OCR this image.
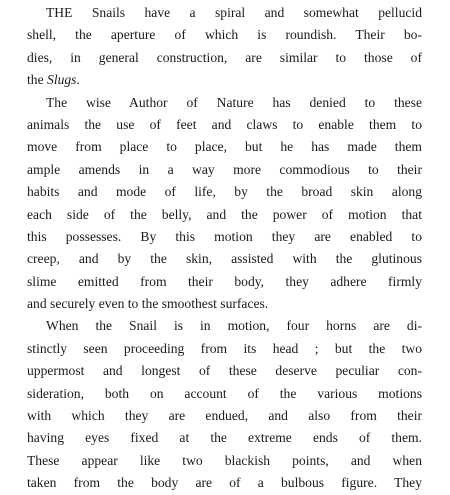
THE Snails have a spiral and somewhat pellucid
shell, the aperture of which is roundish. Their bo-
dies, in general construction, are similar to those of
the Slugs.
The wise Author of Nature has denied to these
animals the use of feet and claws to enable them to
move from place to place, but he has made them
ample amends in a way more commodious to their
habits and mode of life, by the broad skin along
each side of the belly, and the power of motion that
this possesses. By this motion they are enabled to
creep, and by the skin, assisted with the glutinous
slime emitted from their body, they adhere firmly
and securely even to the smoothest surfaces.
When the Snail is in motion, four horns are di-
stinctly seen proceeding from its head ; but the two
uppermost and longest of these deserve peculiar con-
sideration, both on account of the various motions
with which they are endued, and also from their
having eyes fixed at the extreme ends of them.
These appear like two blackish points, and when
taken from the body are of a bulbous figure. They
